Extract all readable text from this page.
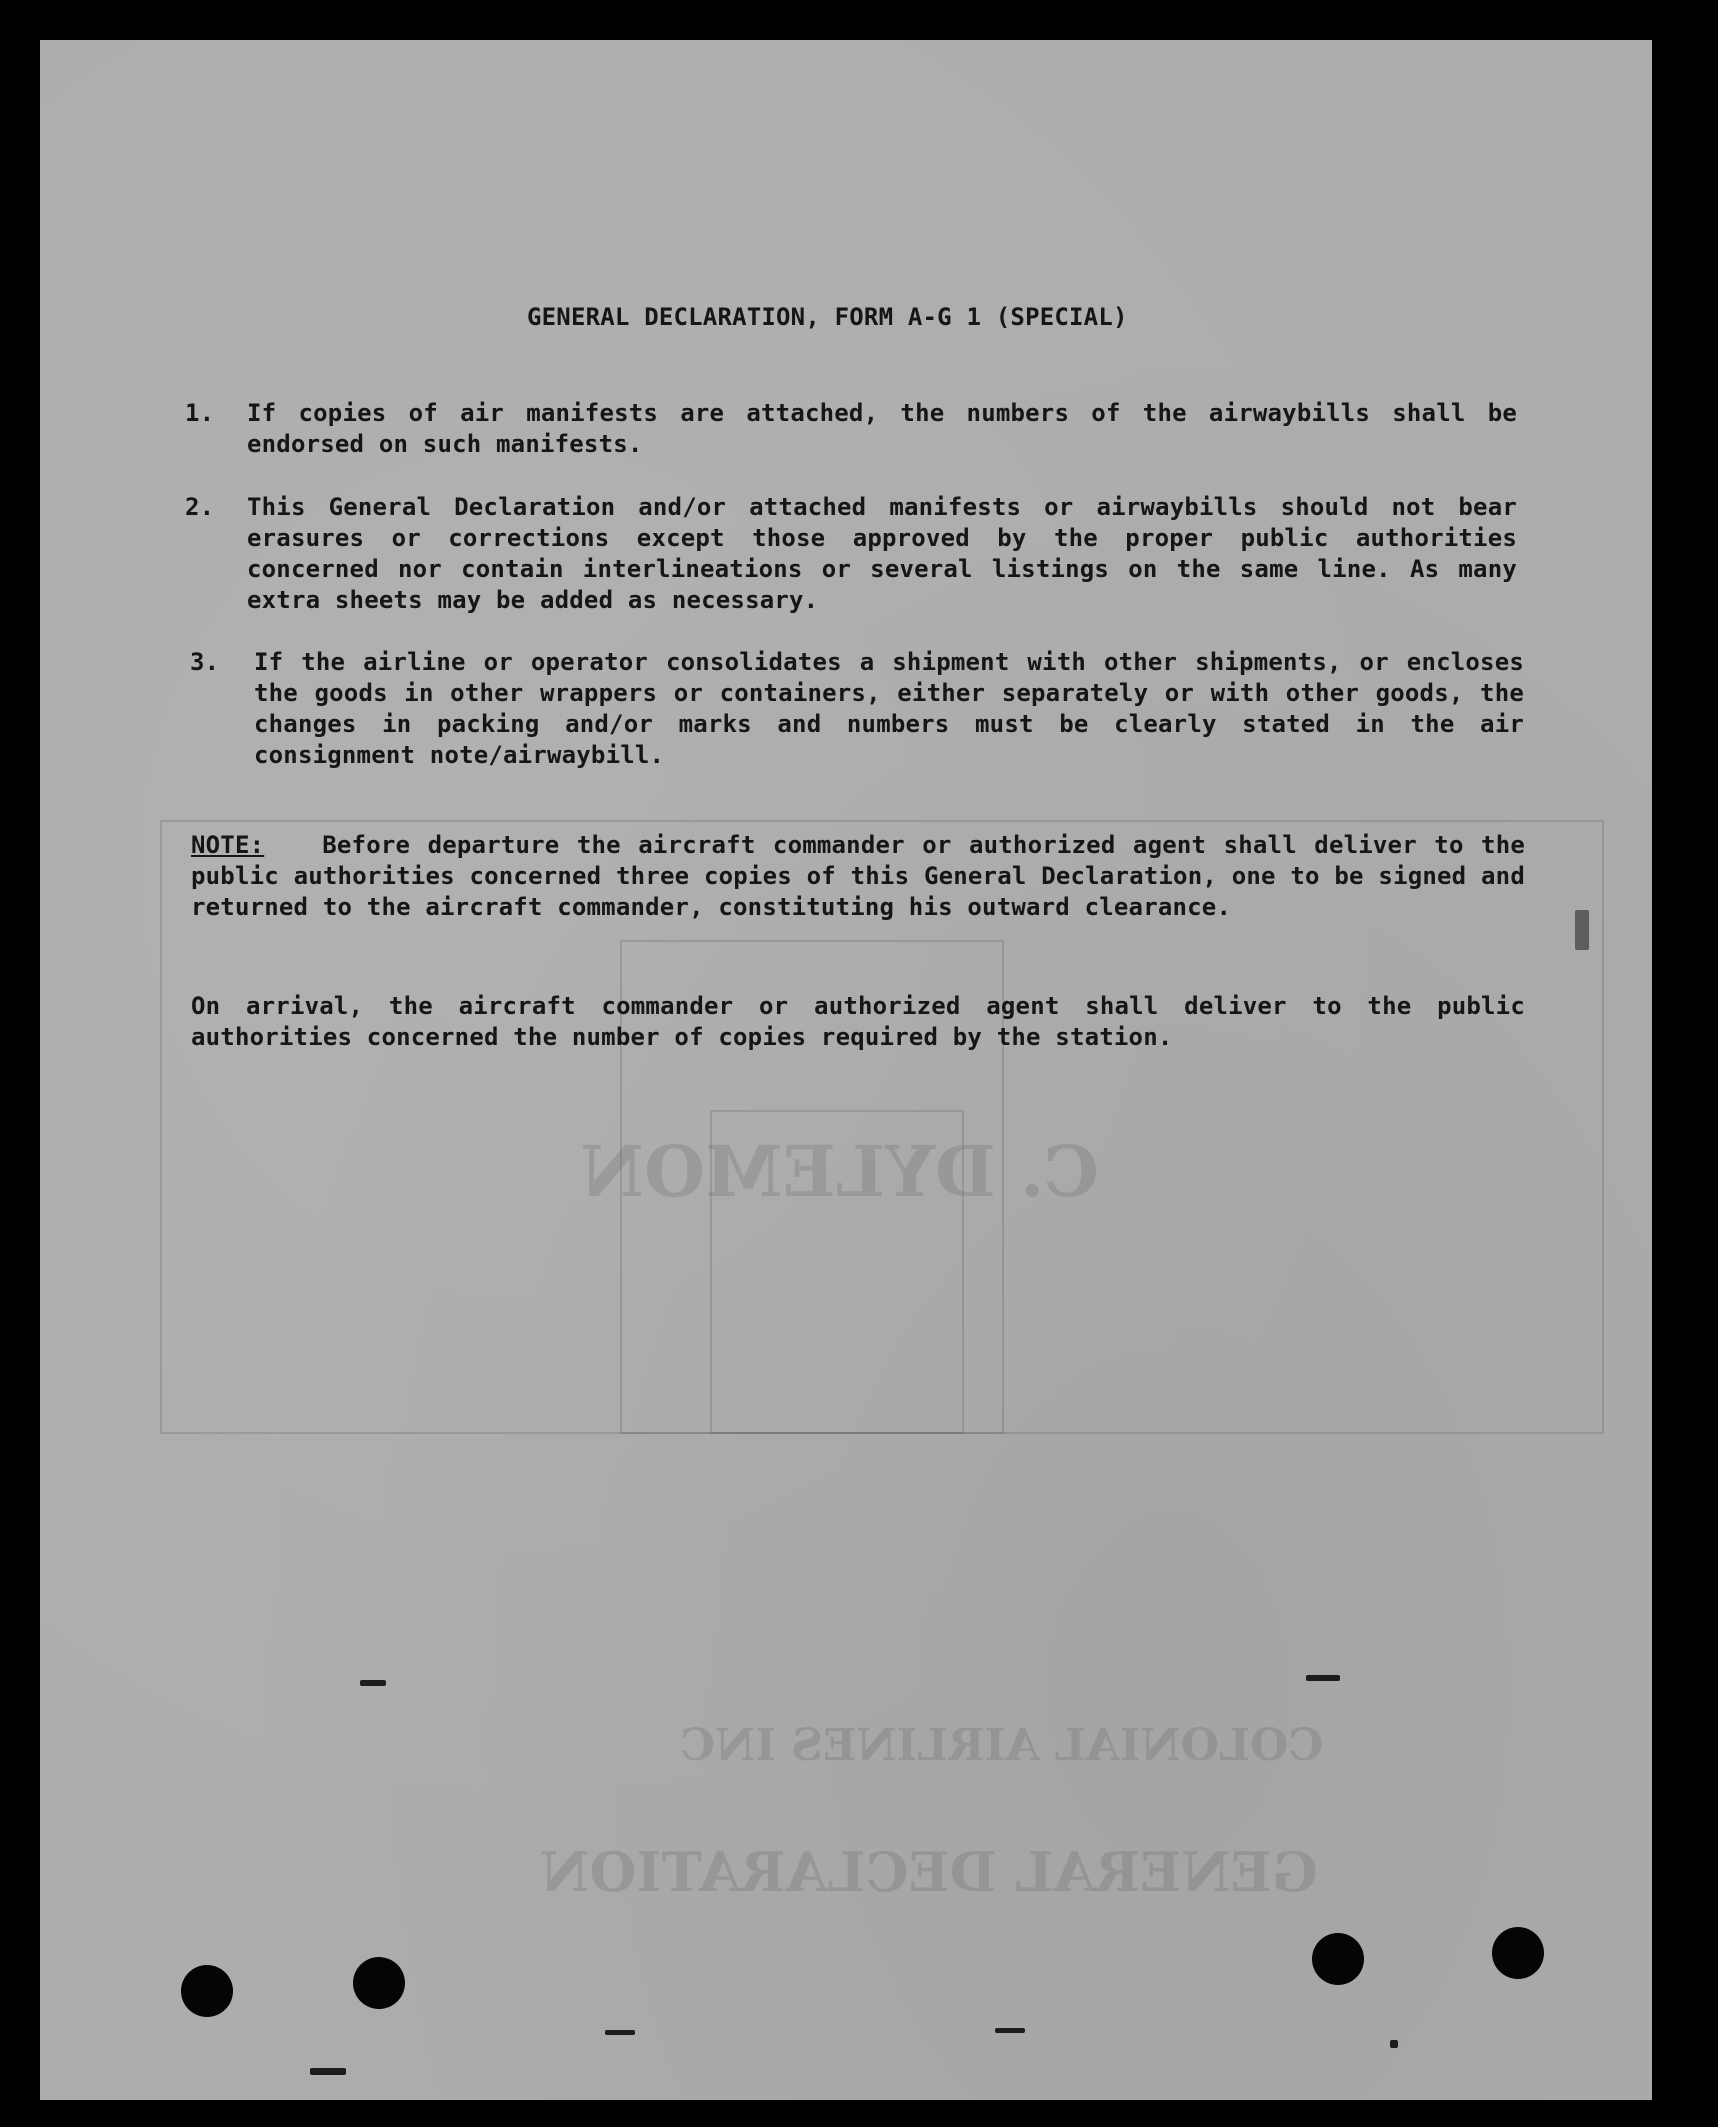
COLONIAL AIRLINES INC
GENERAL DECLARATION
C. DYLEMON
GENERAL DECLARATION, FORM A-G 1 (SPECIAL)
1. If copies of air manifests are attached, the numbers of the airwaybills shall be endorsed on such manifests.
2. This General Declaration and/or attached manifests or airwaybills should not bear erasures or corrections except those approved by the proper public authorities concerned nor contain interlineations or several listings on the same line. As many extra sheets may be added as necessary.
3. If the airline or operator consolidates a shipment with other shipments, or encloses the goods in other wrappers or containers, either separately or with other goods, the changes in packing and/or marks and numbers must be clearly stated in the air consignment note/airwaybill.
NOTE: Before departure the aircraft commander or authorized agent shall deliver to the public authorities concerned three copies of this General Declaration, one to be signed and returned to the aircraft commander, constituting his outward clearance.
On arrival, the aircraft commander or authorized agent shall deliver to the public authorities concerned the number of copies required by the station.
